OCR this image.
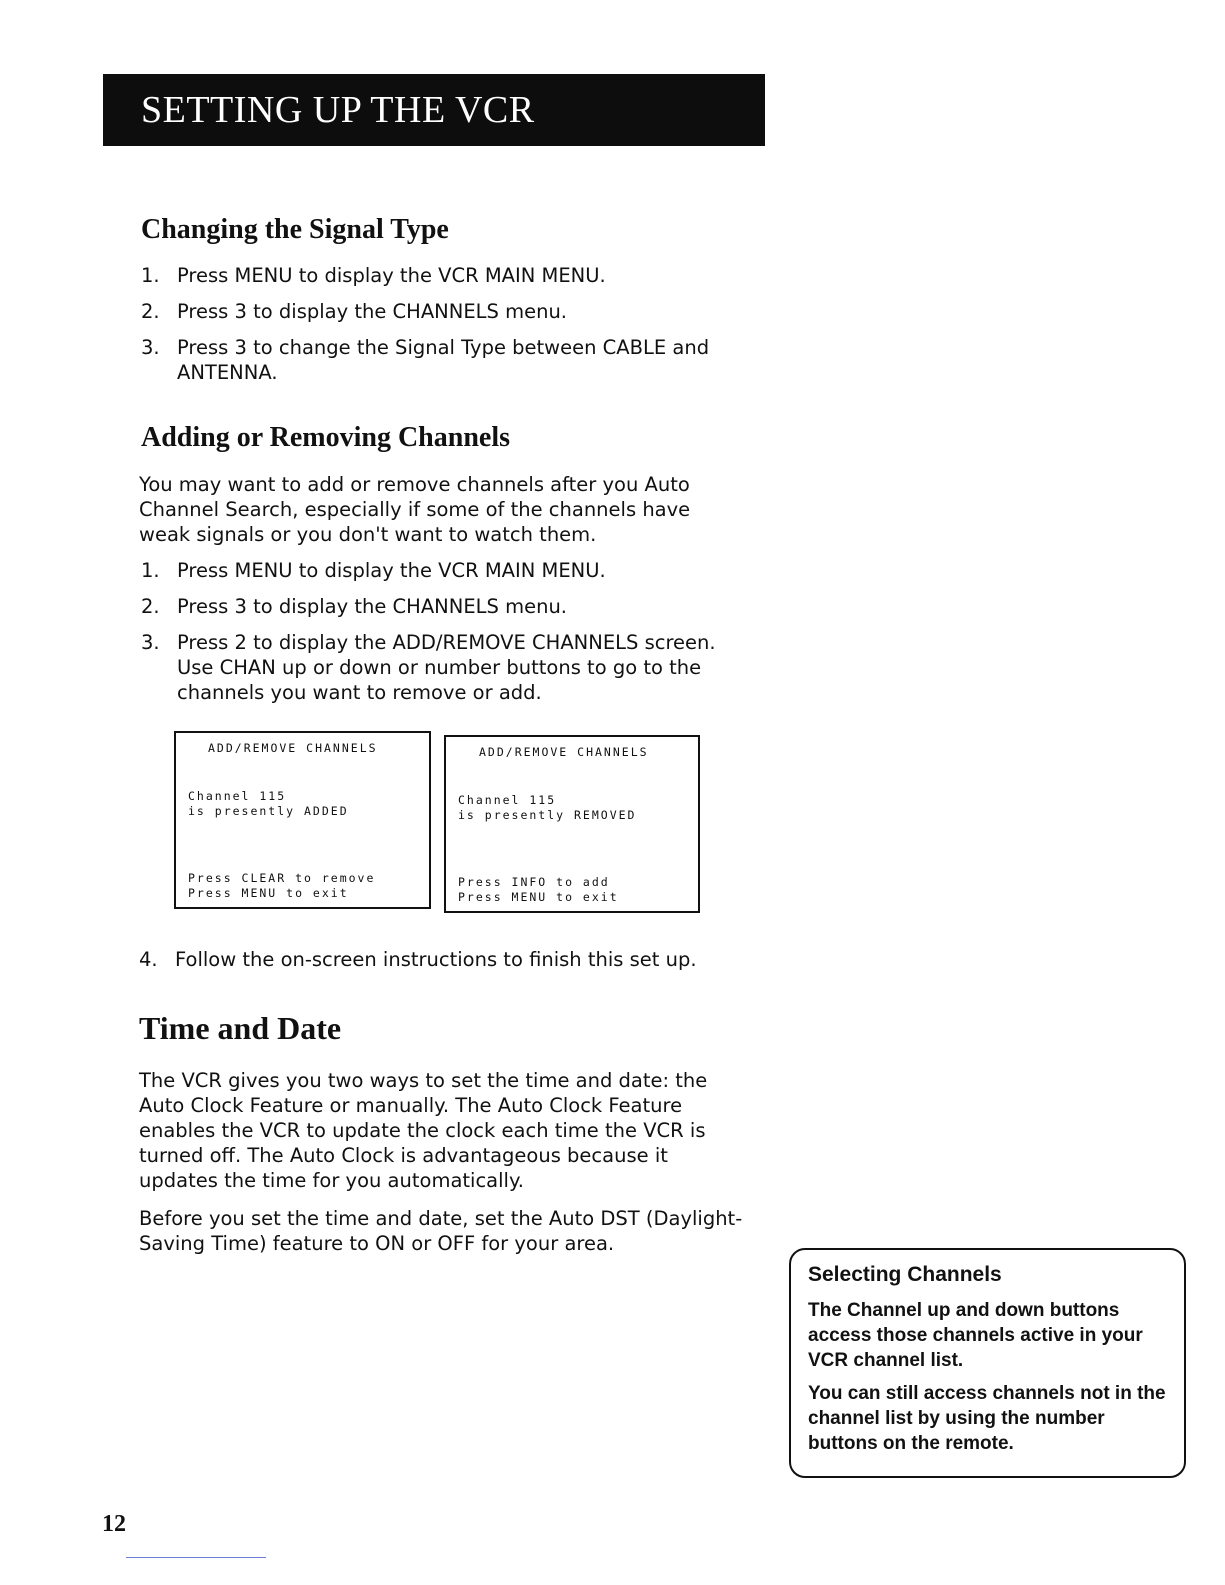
SETTING UP THE VCR
Changing the Signal Type
1. Press MENU to display the VCR MAIN MENU.
2. Press 3 to display the CHANNELS menu.
3. Press 3 to change the Signal Type between CABLE and ANTENNA.
Adding or Removing Channels

You may want to add or remove channels after you Auto Channel Search, especially if some of the channels have weak signals or you don't want to watch them.

1. Press MENU to display the VCR MAIN MENU.
2. Press 3 to display the CHANNELS menu.
3. Press 2 to display the ADD/REMOVE CHANNELS screen. Use CHAN up or down or number buttons to go to the channels you want to remove or add.
ADD/REMOVE CHANNELS
Channel 115
is presently ADDED
Press CLEAR to remove
Press MENU to exit
ADD/REMOVE CHANNELS
Channel 115
is presently REMOVED
Press INFO to add
Press MENU to exit
4. Follow the on-screen instructions to finish this set up.
Time and Date

The VCR gives you two ways to set the time and date: the Auto Clock Feature or manually. The Auto Clock Feature enables the VCR to update the clock each time the VCR is turned off. The Auto Clock is advantageous because it updates the time for you automatically.

Before you set the time and date, set the Auto DST (Daylight-Saving Time) feature to ON or OFF for your area.

Selecting Channels

The Channel up and down buttons access those channels active in your VCR channel list.

You can still access channels not in the channel list by using the number buttons on the remote.

12
